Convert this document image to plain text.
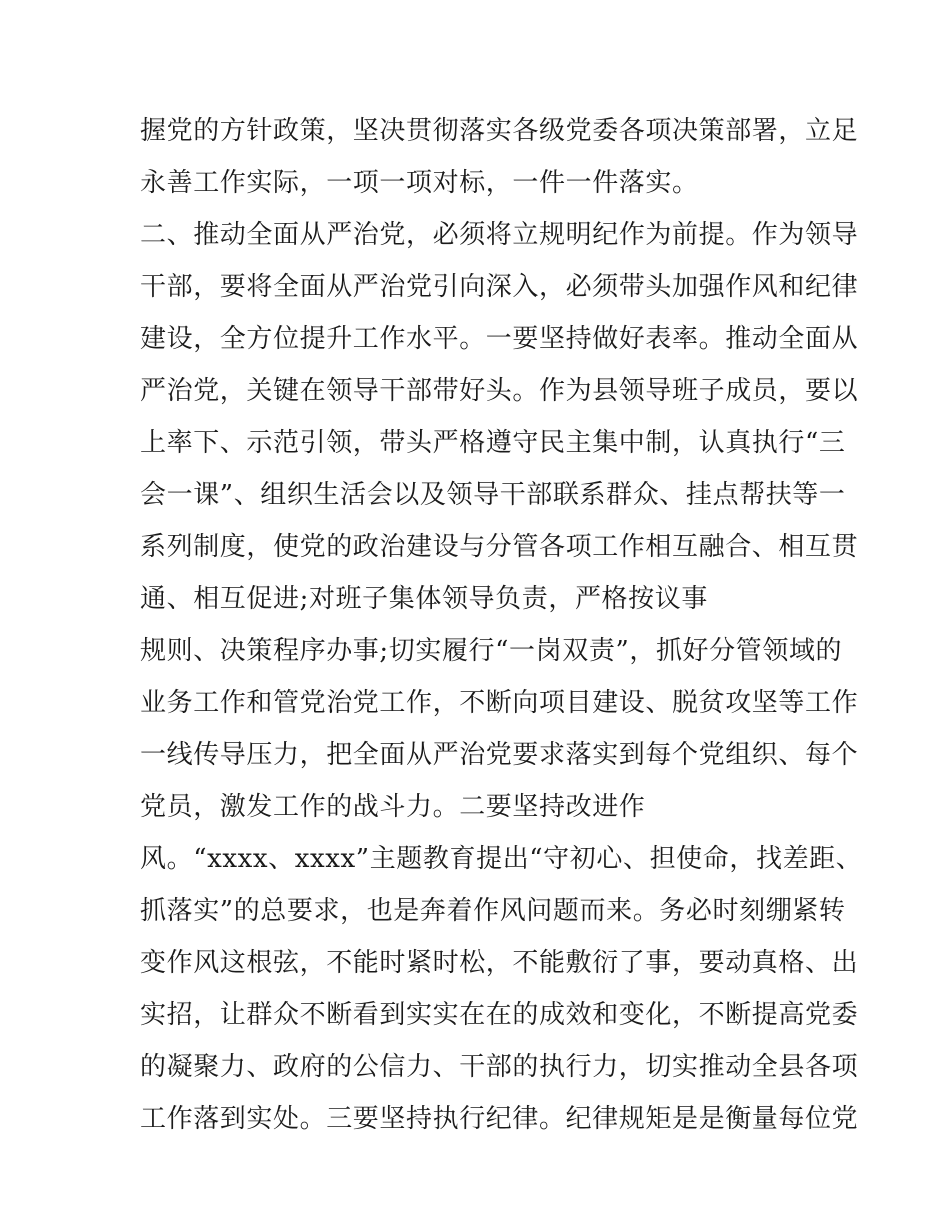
握党的方针政策，坚决贯彻落实各级党委各项决策部署，立足
永善工作实际，一项一项对标，一件一件落实。
二、推动全面从严治党，必须将立规明纪作为前提。作为领导
干部，要将全面从严治党引向深入，必须带头加强作风和纪律
建设，全方位提升工作水平。一要坚持做好表率。推动全面从
严治党，关键在领导干部带好头。作为县领导班子成员，要以
上率下、示范引领，带头严格遵守民主集中制，认真执行“三
会一课”、组织生活会以及领导干部联系群众、挂点帮扶等一
系列制度，使党的政治建设与分管各项工作相互融合、相互贯
通、相互促进;对班子集体领导负责，严格按议事
规则、决策程序办事;切实履行“一岗双责”，抓好分管领域的
业务工作和管党治党工作，不断向项目建设、脱贫攻坚等工作
一线传导压力，把全面从严治党要求落实到每个党组织、每个
党员，激发工作的战斗力。二要坚持改进作
风。“xxxx、xxxx”主题教育提出“守初心、担使命，找差距、
抓落实”的总要求，也是奔着作风问题而来。务必时刻绷紧转
变作风这根弦，不能时紧时松，不能敷衍了事，要动真格、出
实招，让群众不断看到实实在在的成效和变化，不断提高党委
的凝聚力、政府的公信力、干部的执行力，切实推动全县各项
工作落到实处。三要坚持执行纪律。纪律规矩是是衡量每位党
